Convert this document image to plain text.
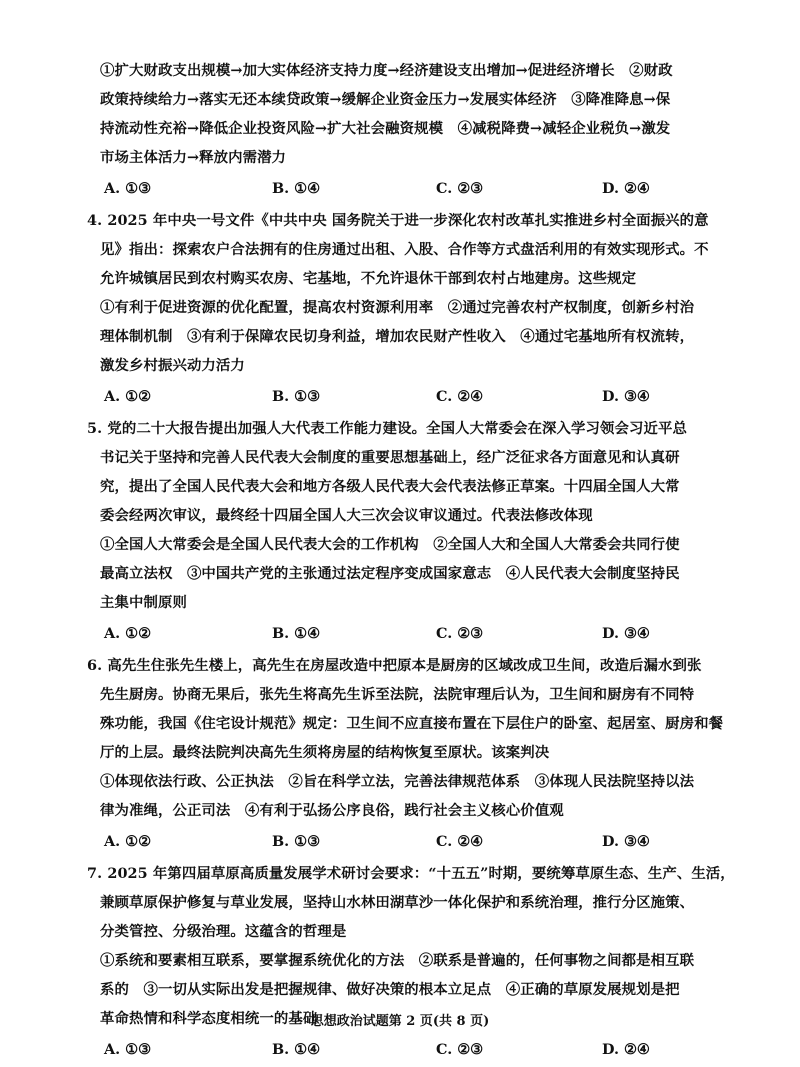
①扩大财政支出规模→加大实体经济支持力度→经济建设支出增加→促进经济增长　②财政
政策持续给力→落实无还本续贷政策→缓解企业资金压力→发展实体经济　③降准降息→保
持流动性充裕→降低企业投资风险→扩大社会融资规模　④减税降费→减轻企业税负→激发
市场主体活力→释放内需潜力
A. ①③	B. ①④	C. ②③	D. ②④
4. 2025 年中央一号文件《中共中央 国务院关于进一步深化农村改革扎实推进乡村全面振兴的意
见》指出：探索农户合法拥有的住房通过出租、入股、合作等方式盘活利用的有效实现形式。不
允许城镇居民到农村购买农房、宅基地，不允许退休干部到农村占地建房。这些规定
①有利于促进资源的优化配置，提高农村资源利用率　②通过完善农村产权制度，创新乡村治
理体制机制　③有利于保障农民切身利益，增加农民财产性收入　④通过宅基地所有权流转，
激发乡村振兴动力活力
A. ①②	B. ①③	C. ②④	D. ③④
5. 党的二十大报告提出加强人大代表工作能力建设。全国人大常委会在深入学习领会习近平总
书记关于坚持和完善人民代表大会制度的重要思想基础上，经广泛征求各方面意见和认真研
究，提出了全国人民代表大会和地方各级人民代表大会代表法修正草案。十四届全国人大常
委会经两次审议，最终经十四届全国人大三次会议审议通过。代表法修改体现
①全国人大常委会是全国人民代表大会的工作机构　②全国人大和全国人大常委会共同行使
最高立法权　③中国共产党的主张通过法定程序变成国家意志　④人民代表大会制度坚持民
主集中制原则
A. ①②	B. ①④	C. ②③	D. ③④
6. 高先生住张先生楼上，高先生在房屋改造中把原本是厨房的区域改成卫生间，改造后漏水到张
先生厨房。协商无果后，张先生将高先生诉至法院，法院审理后认为，卫生间和厨房有不同特
殊功能，我国《住宅设计规范》规定：卫生间不应直接布置在下层住户的卧室、起居室、厨房和餐
厅的上层。最终法院判决高先生须将房屋的结构恢复至原状。该案判决
①体现依法行政、公正执法　②旨在科学立法，完善法律规范体系　③体现人民法院坚持以法
律为准绳，公正司法　④有利于弘扬公序良俗，践行社会主义核心价值观
A. ①②	B. ①③	C. ②④	D. ③④
7. 2025 年第四届草原高质量发展学术研讨会要求：“十五五”时期，要统筹草原生态、生产、生活，
兼顾草原保护修复与草业发展，坚持山水林田湖草沙一体化保护和系统治理，推行分区施策、
分类管控、分级治理。这蕴含的哲理是
①系统和要素相互联系，要掌握系统优化的方法　②联系是普遍的，任何事物之间都是相互联
系的　③一切从实际出发是把握规律、做好决策的根本立足点　④正确的草原发展规划是把
革命热情和科学态度相统一的基础
A. ①③	B. ①④	C. ②③	D. ②④
思想政治试题第 2 页(共 8 页)
